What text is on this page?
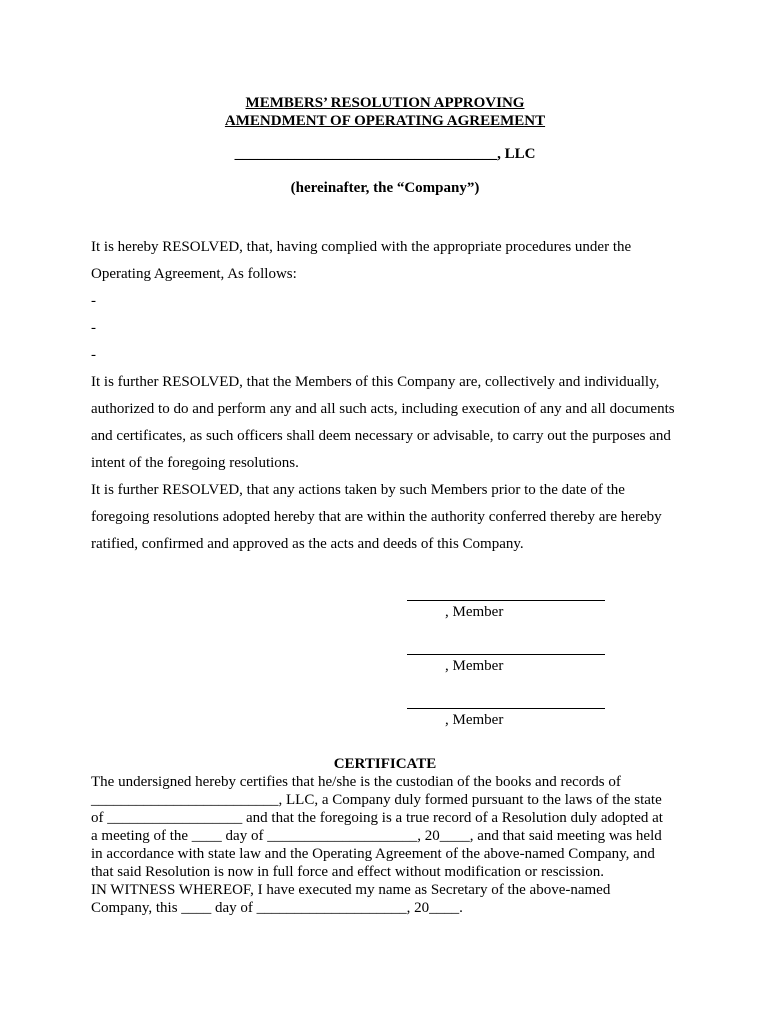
MEMBERS’ RESOLUTION APPROVING
AMENDMENT OF OPERATING AGREEMENT
___________________________________, LLC
(hereinafter, the “Company”)

It is hereby RESOLVED, that, having complied with the appropriate procedures under the

Operating Agreement, As follows:

-

-

-

It is further RESOLVED, that the Members of this Company are, collectively and individually,

authorized to do and perform any and all such acts, including execution of any and all documents

and certificates, as such officers shall deem necessary or advisable, to carry out the purposes and

intent of the foregoing resolutions.

It is further RESOLVED, that any actions taken by such Members prior to the date of the

foregoing resolutions adopted hereby that are within the authority conferred thereby are hereby

ratified, confirmed and approved as the acts and deeds of this Company.

, Member
, Member
, Member
CERTIFICATE

The undersigned hereby certifies that he/she is the custodian of the books and records of

_________________________, LLC, a Company duly formed pursuant to the laws of the state

of __________________ and that the foregoing is a true record of a Resolution duly adopted at

a meeting of the ____ day of ____________________, 20____, and that said meeting was held

in accordance with state law and the Operating Agreement of the above-named Company, and

that said Resolution is now in full force and effect without modification or rescission.

IN WITNESS WHEREOF, I have executed my name as Secretary of the above-named

Company, this ____ day of ____________________, 20____.
